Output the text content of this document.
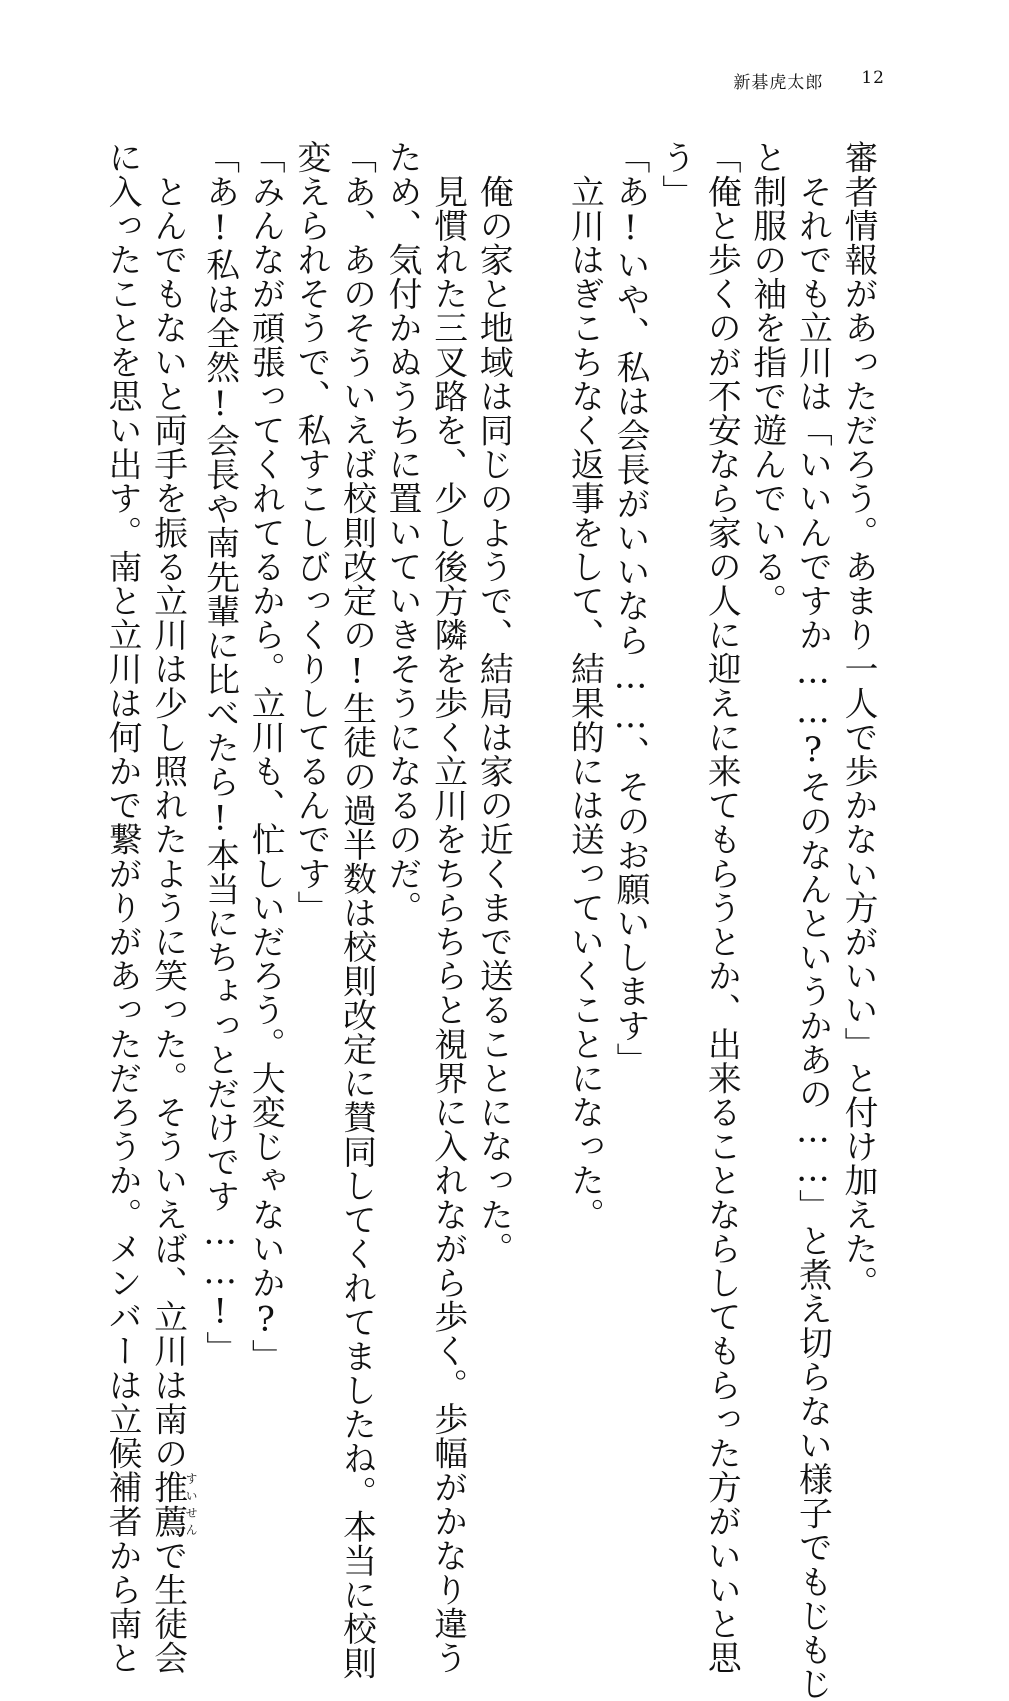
新碁虎太郎 12
審者情報があっただろう。あまり一人で歩かない方がいい」と付け加えた。
　それでも立川は「いいんですか……?そのなんというかあの……」と煮え切らない様子でもじもじ
と制服の袖を指で遊んでいる。
「俺と歩くのが不安なら家の人に迎えに来てもらうとか、出来ることならしてもらった方がいいと思
う」
「あ!いや、私は会長がいいなら……、そのお願いします」
　立川はぎこちなく返事をして、結果的には送っていくことになった。
　俺の家と地域は同じのようで、結局は家の近くまで送ることになった。
　見慣れた三叉路を、少し後方隣を歩く立川をちらちらと視界に入れながら歩く。歩幅がかなり違う
ため、気付かぬうちに置いていきそうになるのだ。
「あ、あのそういえば校則改定の!生徒の過半数は校則改定に賛同してくれてましたね。本当に校則
変えられそうで、私すこしびっくりしてるんです」
「みんなが頑張ってくれてるから。立川も、忙しいだろう。大変じゃないか?」
「あ!私は全然!会長や南先輩に比べたら!本当にちょっとだけです……!」
　とんでもないと両手を振る立川は少し照れたように笑った。そういえば、立川は南の推薦すいせんで生徒会
に入ったことを思い出す。南と立川は何かで繋がりがあっただろうか。メンバーは立候補者から南と
